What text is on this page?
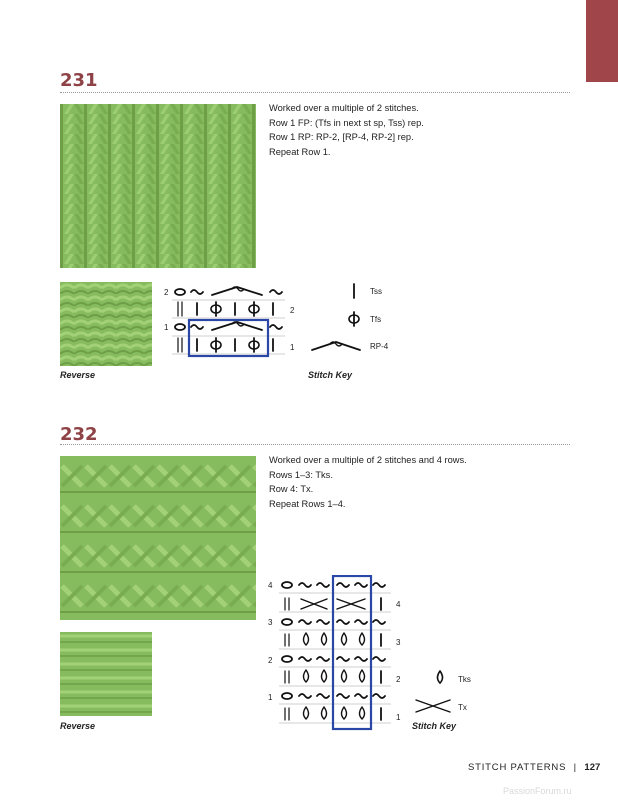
231
Worked over a multiple of 2 stitches.
Row 1 FP: (Tfs in next st sp, Tss) rep.
Row 1 RP: RP-2, [RP-4, RP-2] rep.
Repeat Row 1.
Reverse
2
2
1
1
Tss
Tfs
RP-4
Stitch Key
232
Worked over a multiple of 2 stitches and 4 rows.
Rows 1–3: Tks.
Row 4: Tx.
Repeat Rows 1–4.
Reverse
4
4
3
3
2
2
1
1
Tks
Tx
Stitch Key
STITCH PATTERNS | 127
PassionForum.ru
